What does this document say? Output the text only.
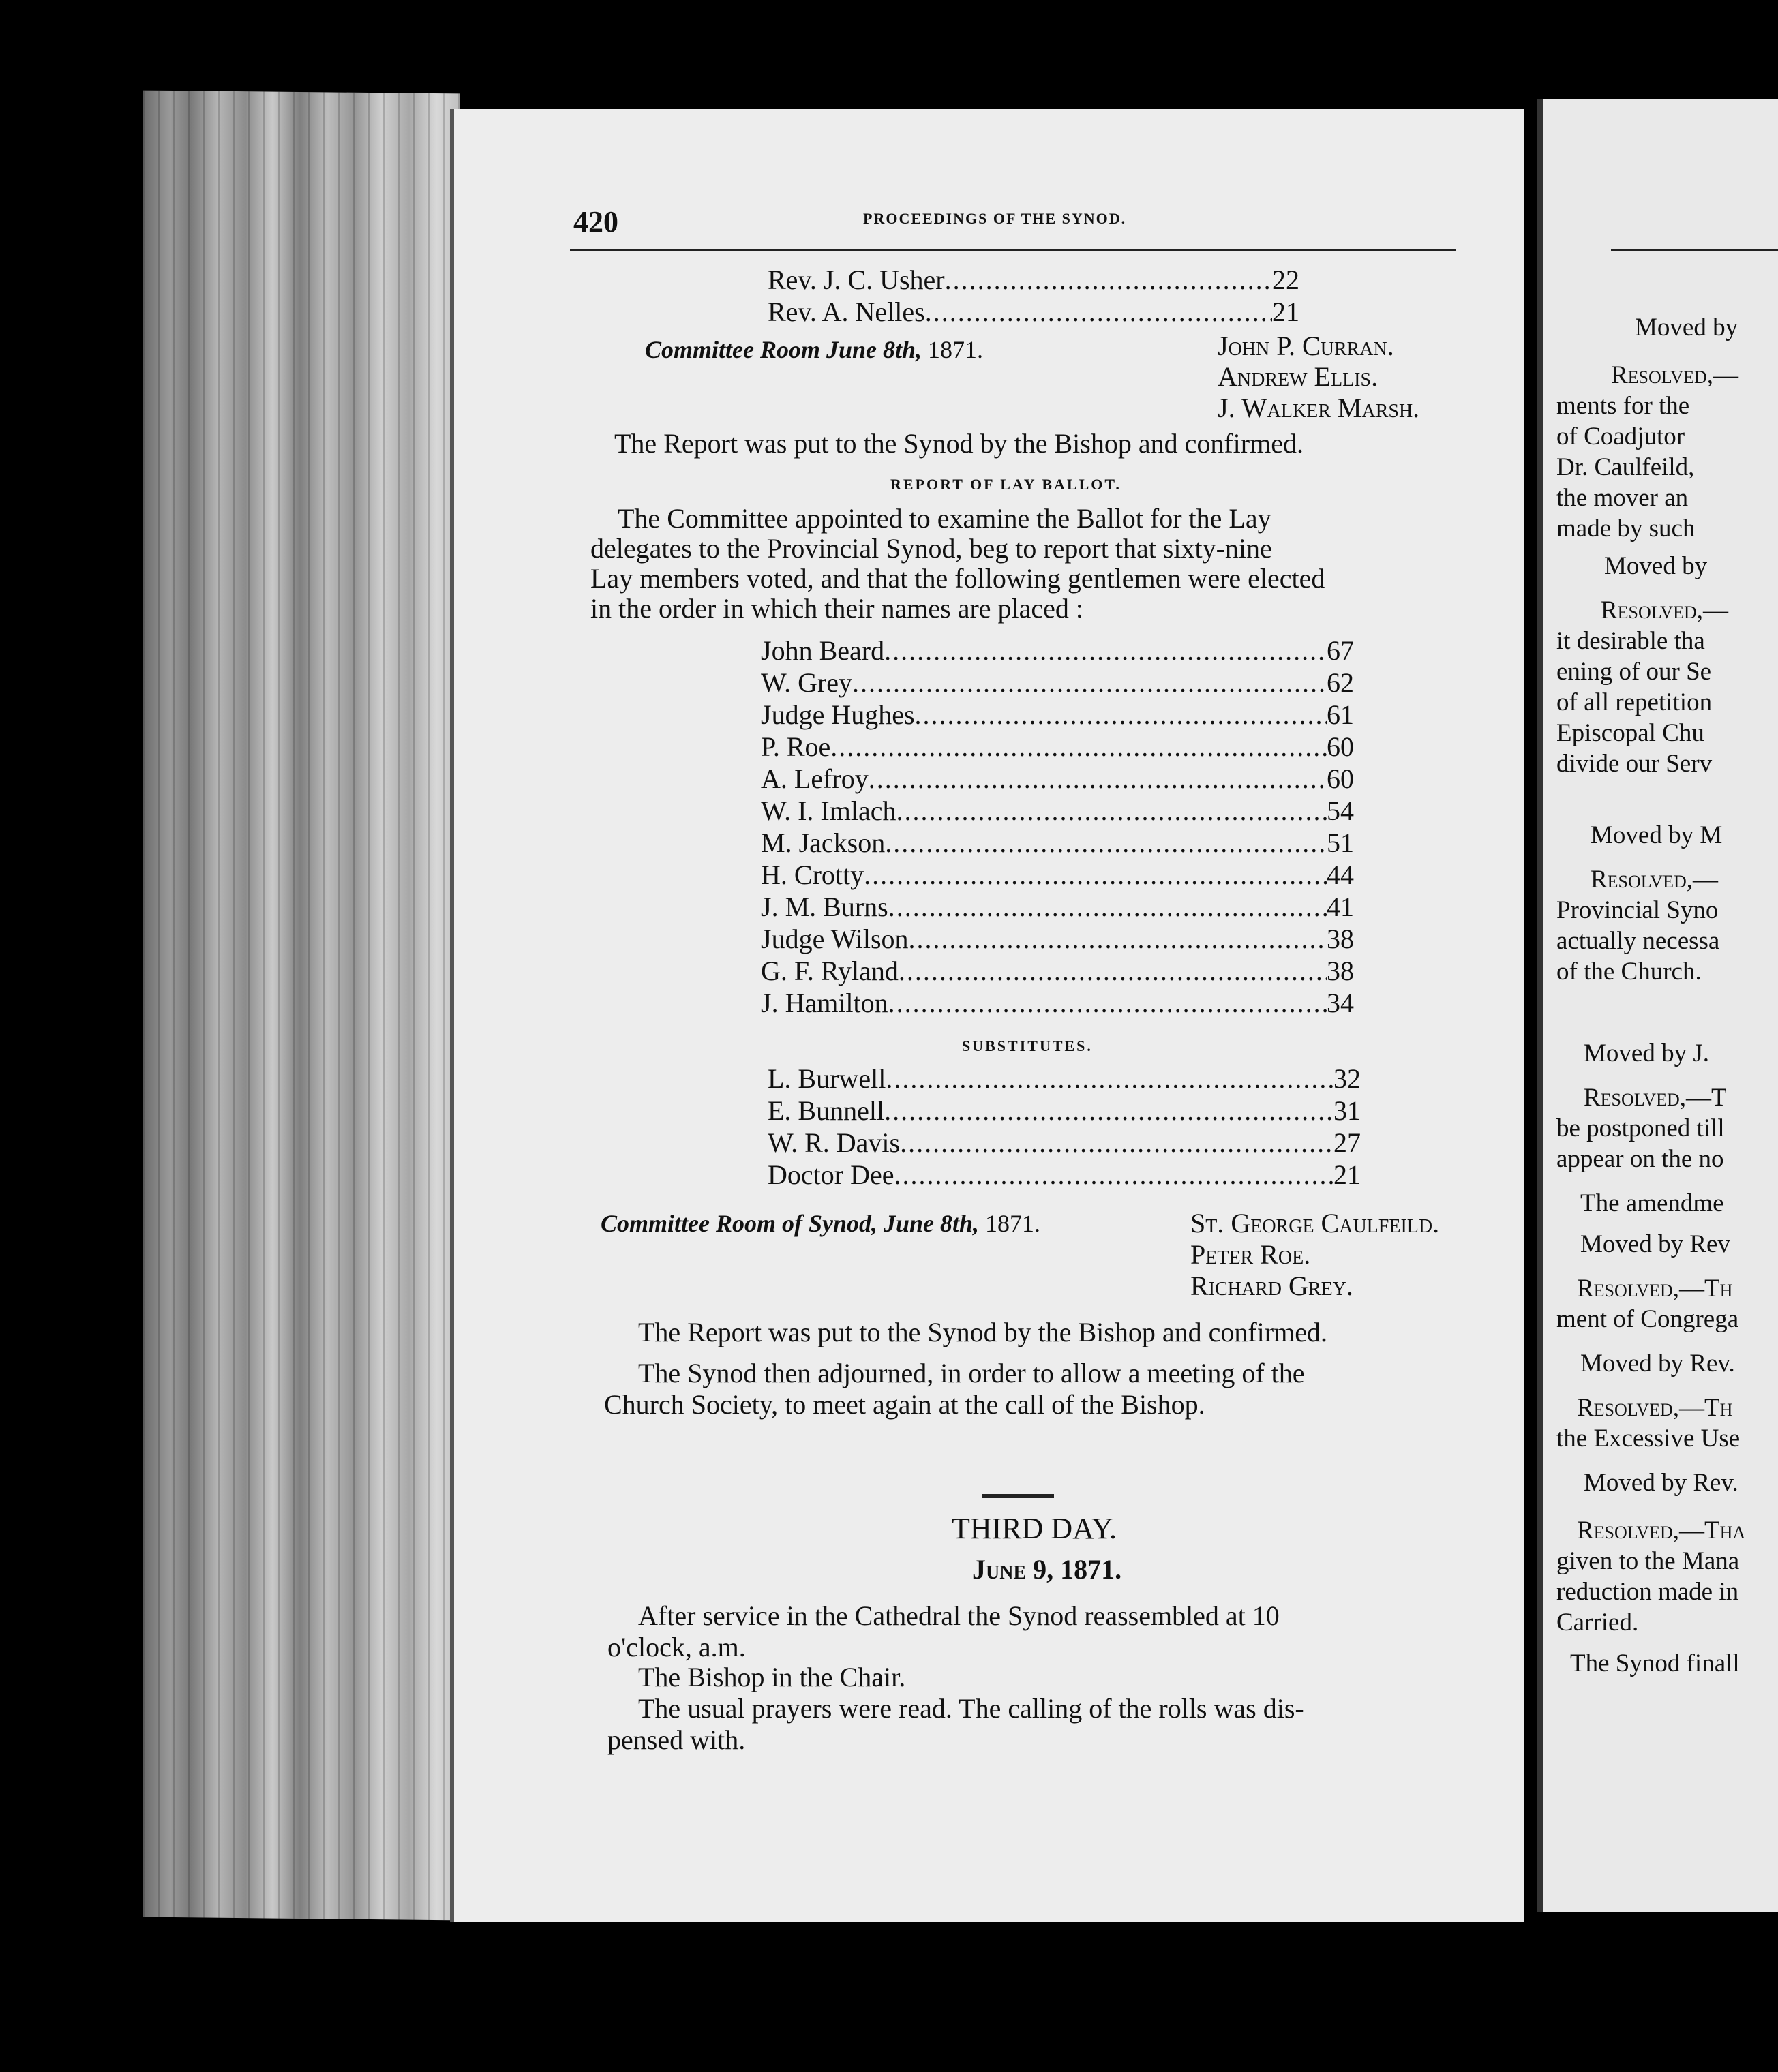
420	PROCEEDINGS OF THE SYNOD.
Rev. J. C. Usher .....	22
Rev. A. Nelles .....	21
Committee Room June 8th, 1871.	John P. Curran.
Andrew Ellis.
J. Walker Marsh.
The Report was put to the Synod by the Bishop and confirmed.
REPORT OF LAY BALLOT.
The Committee appointed to examine the Ballot for the Lay
delegates to the Provincial Synod, beg to report that sixty-nine
Lay members voted, and that the following gentlemen were elected
in the order in which their names are placed :
John Beard .....	67
W. Grey .....	62
Judge Hughes .....	61
P. Roe .....	60
A. Lefroy .....	60
W. I. Imlach .....	54
M. Jackson .....	51
H. Crotty .....	44
J. M. Burns .....	41
Judge Wilson .....	38
G. F. Ryland .....	38
J. Hamilton .....	34
SUBSTITUTES.
L. Burwell .....	32
E. Bunnell .....	31
W. R. Davis .....	27
Doctor Dee .....	21
Committee Room of Synod, June 8th, 1871.	St. George Caulfeild.
Peter Roe.
Richard Grey.
The Report was put to the Synod by the Bishop and confirmed.
The Synod then adjourned, in order to allow a meeting of the
Church Society, to meet again at the call of the Bishop.
THIRD DAY.
June 9, 1871.
After service in the Cathedral the Synod reassembled at 10
o'clock, a.m.
The Bishop in the Chair.
The usual prayers were read. The calling of the rolls was dis-
pensed with.
Moved by
Resolved,—
ments for the
of Coadjutor
Dr. Caulfeild,
the mover an
made by such
Moved by
Resolved,—
it desirable tha
ening of our Se
of all repetition
Episcopal Chu
divide our Serv
Moved by M
Resolved,—
Provincial Syno
actually necessa
of the Church.
Moved by J.
Resolved,—T
be postponed till
appear on the no
The amendme
Moved by Rev
Resolved,—Th
ment of Congrega
Moved by Rev.
Resolved,—Th
the Excessive Use
Moved by Rev.
Resolved,—Tha
given to the Mana
reduction made in
Carried.
The Synod finall
